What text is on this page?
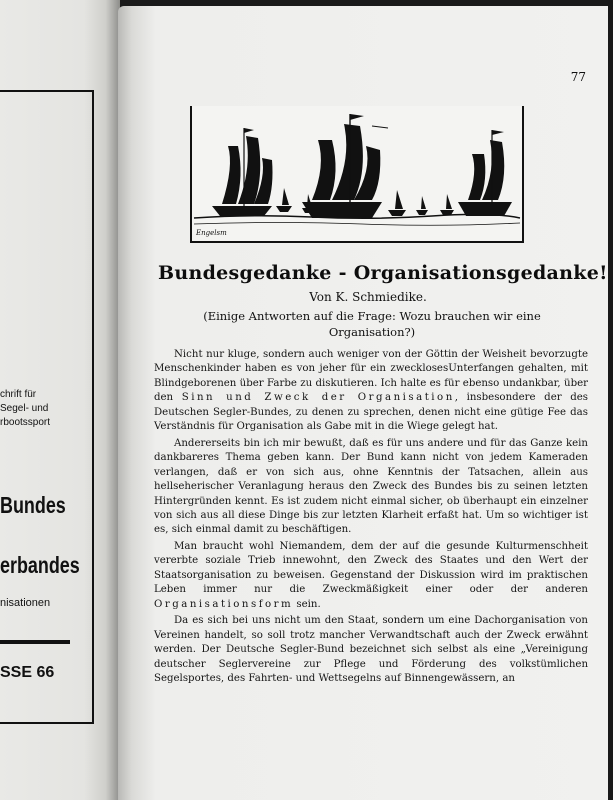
chrift für
Segel- und
rbootssport
Bundes
erbandes
nisationen
SSE 66
77
Engelsm
Bundesgedanke - Organisationsgedanke!
Von K. Schmiedike.
(Einige Antworten auf die Frage: Wozu brauchen wir eine Organisation?)

Nicht nur kluge, sondern auch weniger von der Göttin der Weisheit bevorzugte Menschenkinder haben es von jeher für ein zwecklosesUnterfangen gehalten, mit Blindgeborenen über Farbe zu diskutieren. Ich halte es für ebenso undankbar, über den Sinn und Zweck der Organisation, insbesondere der des Deutschen Segler-Bundes, zu denen zu sprechen, denen nicht eine gütige Fee das Verständnis für Organisation als Gabe mit in die Wiege gelegt hat.

Andererseits bin ich mir bewußt, daß es für uns andere und für das Ganze kein dankbareres Thema geben kann. Der Bund kann nicht von jedem Kameraden verlangen, daß er von sich aus, ohne Kenntnis der Tatsachen, allein aus hellseherischer Veranlagung heraus den Zweck des Bundes bis zu seinen letzten Hintergründen kennt. Es ist zudem nicht einmal sicher, ob überhaupt ein einzelner von sich aus all diese Dinge bis zur letzten Klarheit erfaßt hat. Um so wichtiger ist es, sich einmal damit zu beschäftigen.

Man braucht wohl Niemandem, dem der auf die gesunde Kulturmenschheit vererbte soziale Trieb innewohnt, den Zweck des Staates und den Wert der Staatsorganisation zu beweisen. Gegenstand der Diskussion wird im praktischen Leben immer nur die Zweckmäßigkeit einer oder der anderen Organisationsform sein.

Da es sich bei uns nicht um den Staat, sondern um eine Dachorganisation von Vereinen handelt, so soll trotz mancher Verwandtschaft auch der Zweck erwähnt werden. Der Deutsche Segler-Bund bezeichnet sich selbst als eine „Vereinigung deutscher Seglervereine zur Pflege und Förderung des volkstümlichen Segelsportes, des Fahrten- und Wettsegelns auf Binnengewässern, an
